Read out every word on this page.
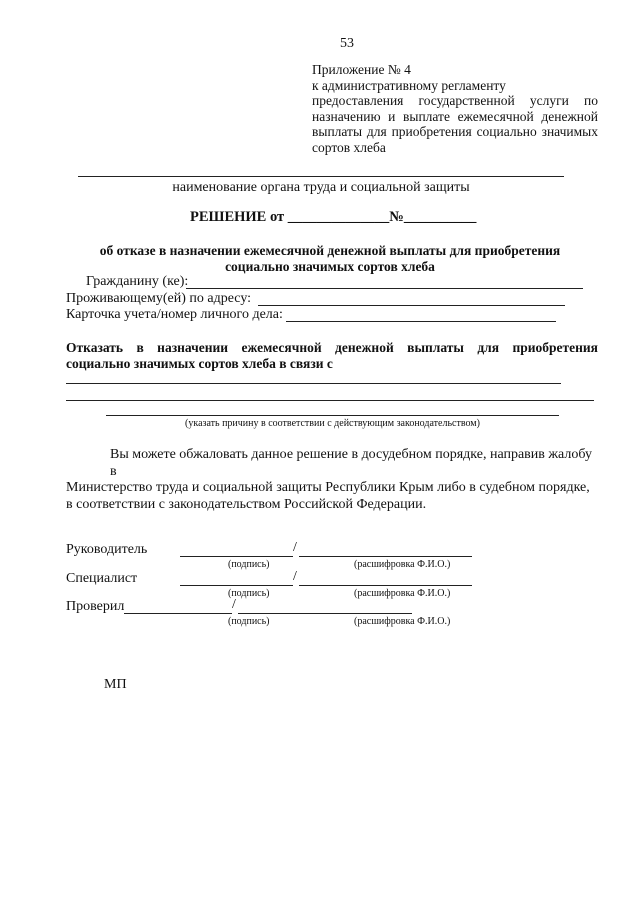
53
Приложение № 4
к административному регламенту
предоставления государственной услуги по
назначению и выплате ежемесячной денежной
выплаты для приобретения социально значимых
сортов хлеба
наименование органа труда и социальной защиты
РЕШЕНИЕ от ______________№__________
об отказе в назначении ежемесячной денежной выплаты для приобретения
социально значимых сортов хлеба
Гражданину (ке):
Проживающему(ей) по адресу:
Карточка учета/номер личного дела:
Отказать в назначении ежемесячной денежной выплаты для приобретения
социально значимых сортов хлеба в связи с
(указать причину в соответствии с действующим законодательством)
Вы можете обжаловать данное решение в досудебном порядке, направив жалобу в
Министерство труда и социальной защиты Республики Крым либо в судебном порядке,
в соответствии с законодательством Российской Федерации.
Руководитель	/
(подпись)	(расшифровка Ф.И.О.)
Специалист	/
(подпись)	(расшифровка Ф.И.О.)
Проверил	/
(подпись)	(расшифровка Ф.И.О.)
МП
